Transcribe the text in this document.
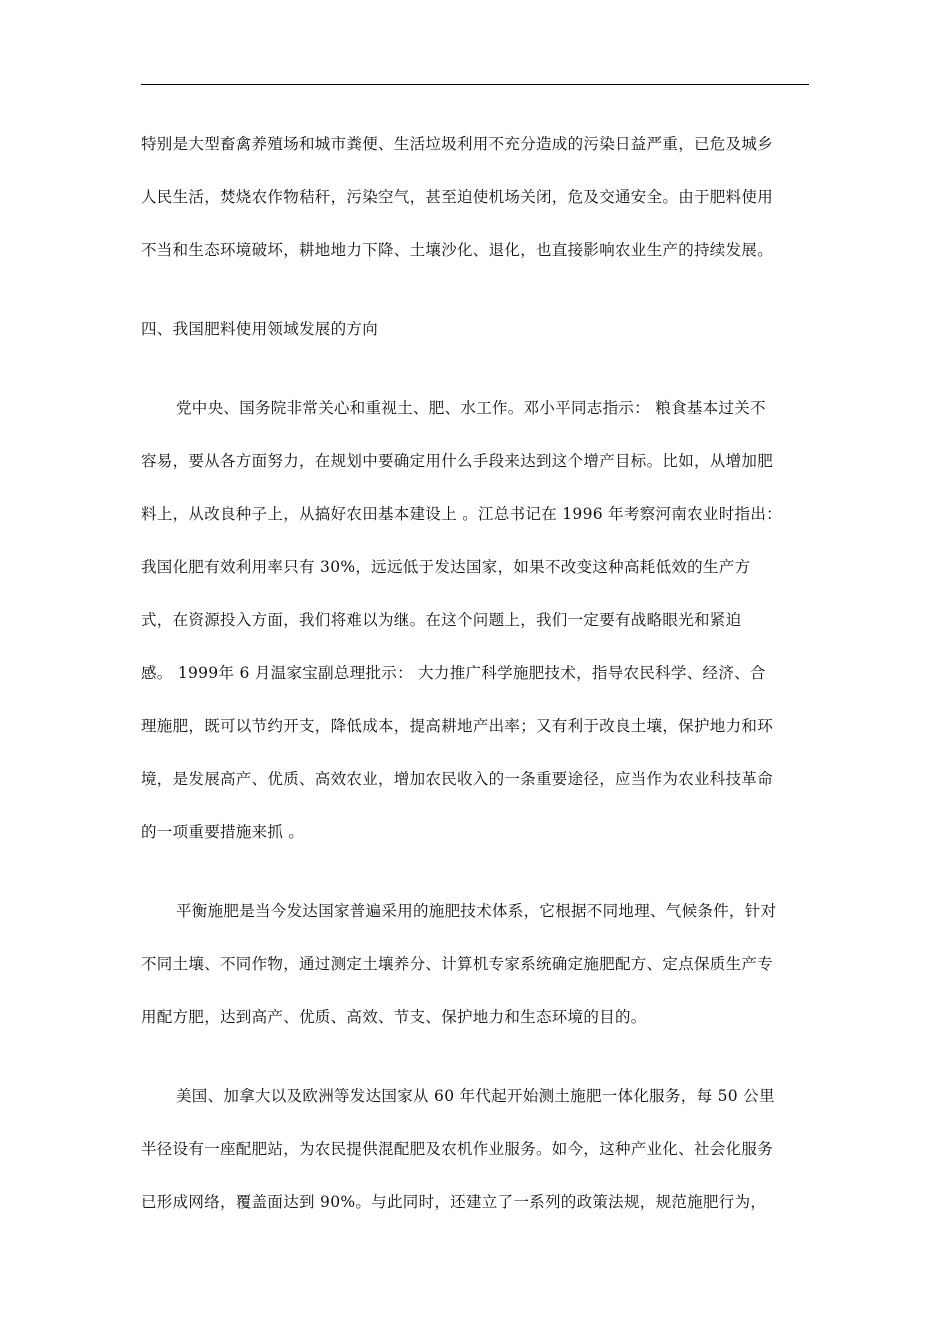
特别是大型畜禽养殖场和城市粪便、生活垃圾利用不充分造成的污染日益严重，已危及城乡
人民生活，焚烧农作物秸秆，污染空气，甚至迫使机场关闭，危及交通安全。由于肥料使用
不当和生态环境破坏，耕地地力下降、土壤沙化、退化，也直接影响农业生产的持续发展。
四、我国肥料使用领域发展的方向
党中央、国务院非常关心和重视土、肥、水工作。邓小平同志指示： 粮食基本过关不
容易，要从各方面努力，在规划中要确定用什么手段来达到这个增产目标。比如，从增加肥
料上，从改良种子上，从搞好农田基本建设上 。江总书记在 1996 年考察河南农业时指出：
我国化肥有效利用率只有 30%，远远低于发达国家，如果不改变这种高耗低效的生产方
式，在资源投入方面，我们将难以为继。在这个问题上，我们一定要有战略眼光和紧迫
感。 1999年 6 月温家宝副总理批示： 大力推广科学施肥技术，指导农民科学、经济、合
理施肥，既可以节约开支，降低成本，提高耕地产出率；又有利于改良土壤，保护地力和环
境，是发展高产、优质、高效农业，增加农民收入的一条重要途径，应当作为农业科技革命
的一项重要措施来抓 。
平衡施肥是当今发达国家普遍采用的施肥技术体系，它根据不同地理、气候条件，针对
不同土壤、不同作物，通过测定土壤养分、计算机专家系统确定施肥配方、定点保质生产专
用配方肥，达到高产、优质、高效、节支、保护地力和生态环境的目的。
美国、加拿大以及欧洲等发达国家从 60 年代起开始测土施肥一体化服务，每 50 公里
半径设有一座配肥站，为农民提供混配肥及农机作业服务。如今，这种产业化、社会化服务
已形成网络，覆盖面达到 90%。与此同时，还建立了一系列的政策法规，规范施肥行为，
